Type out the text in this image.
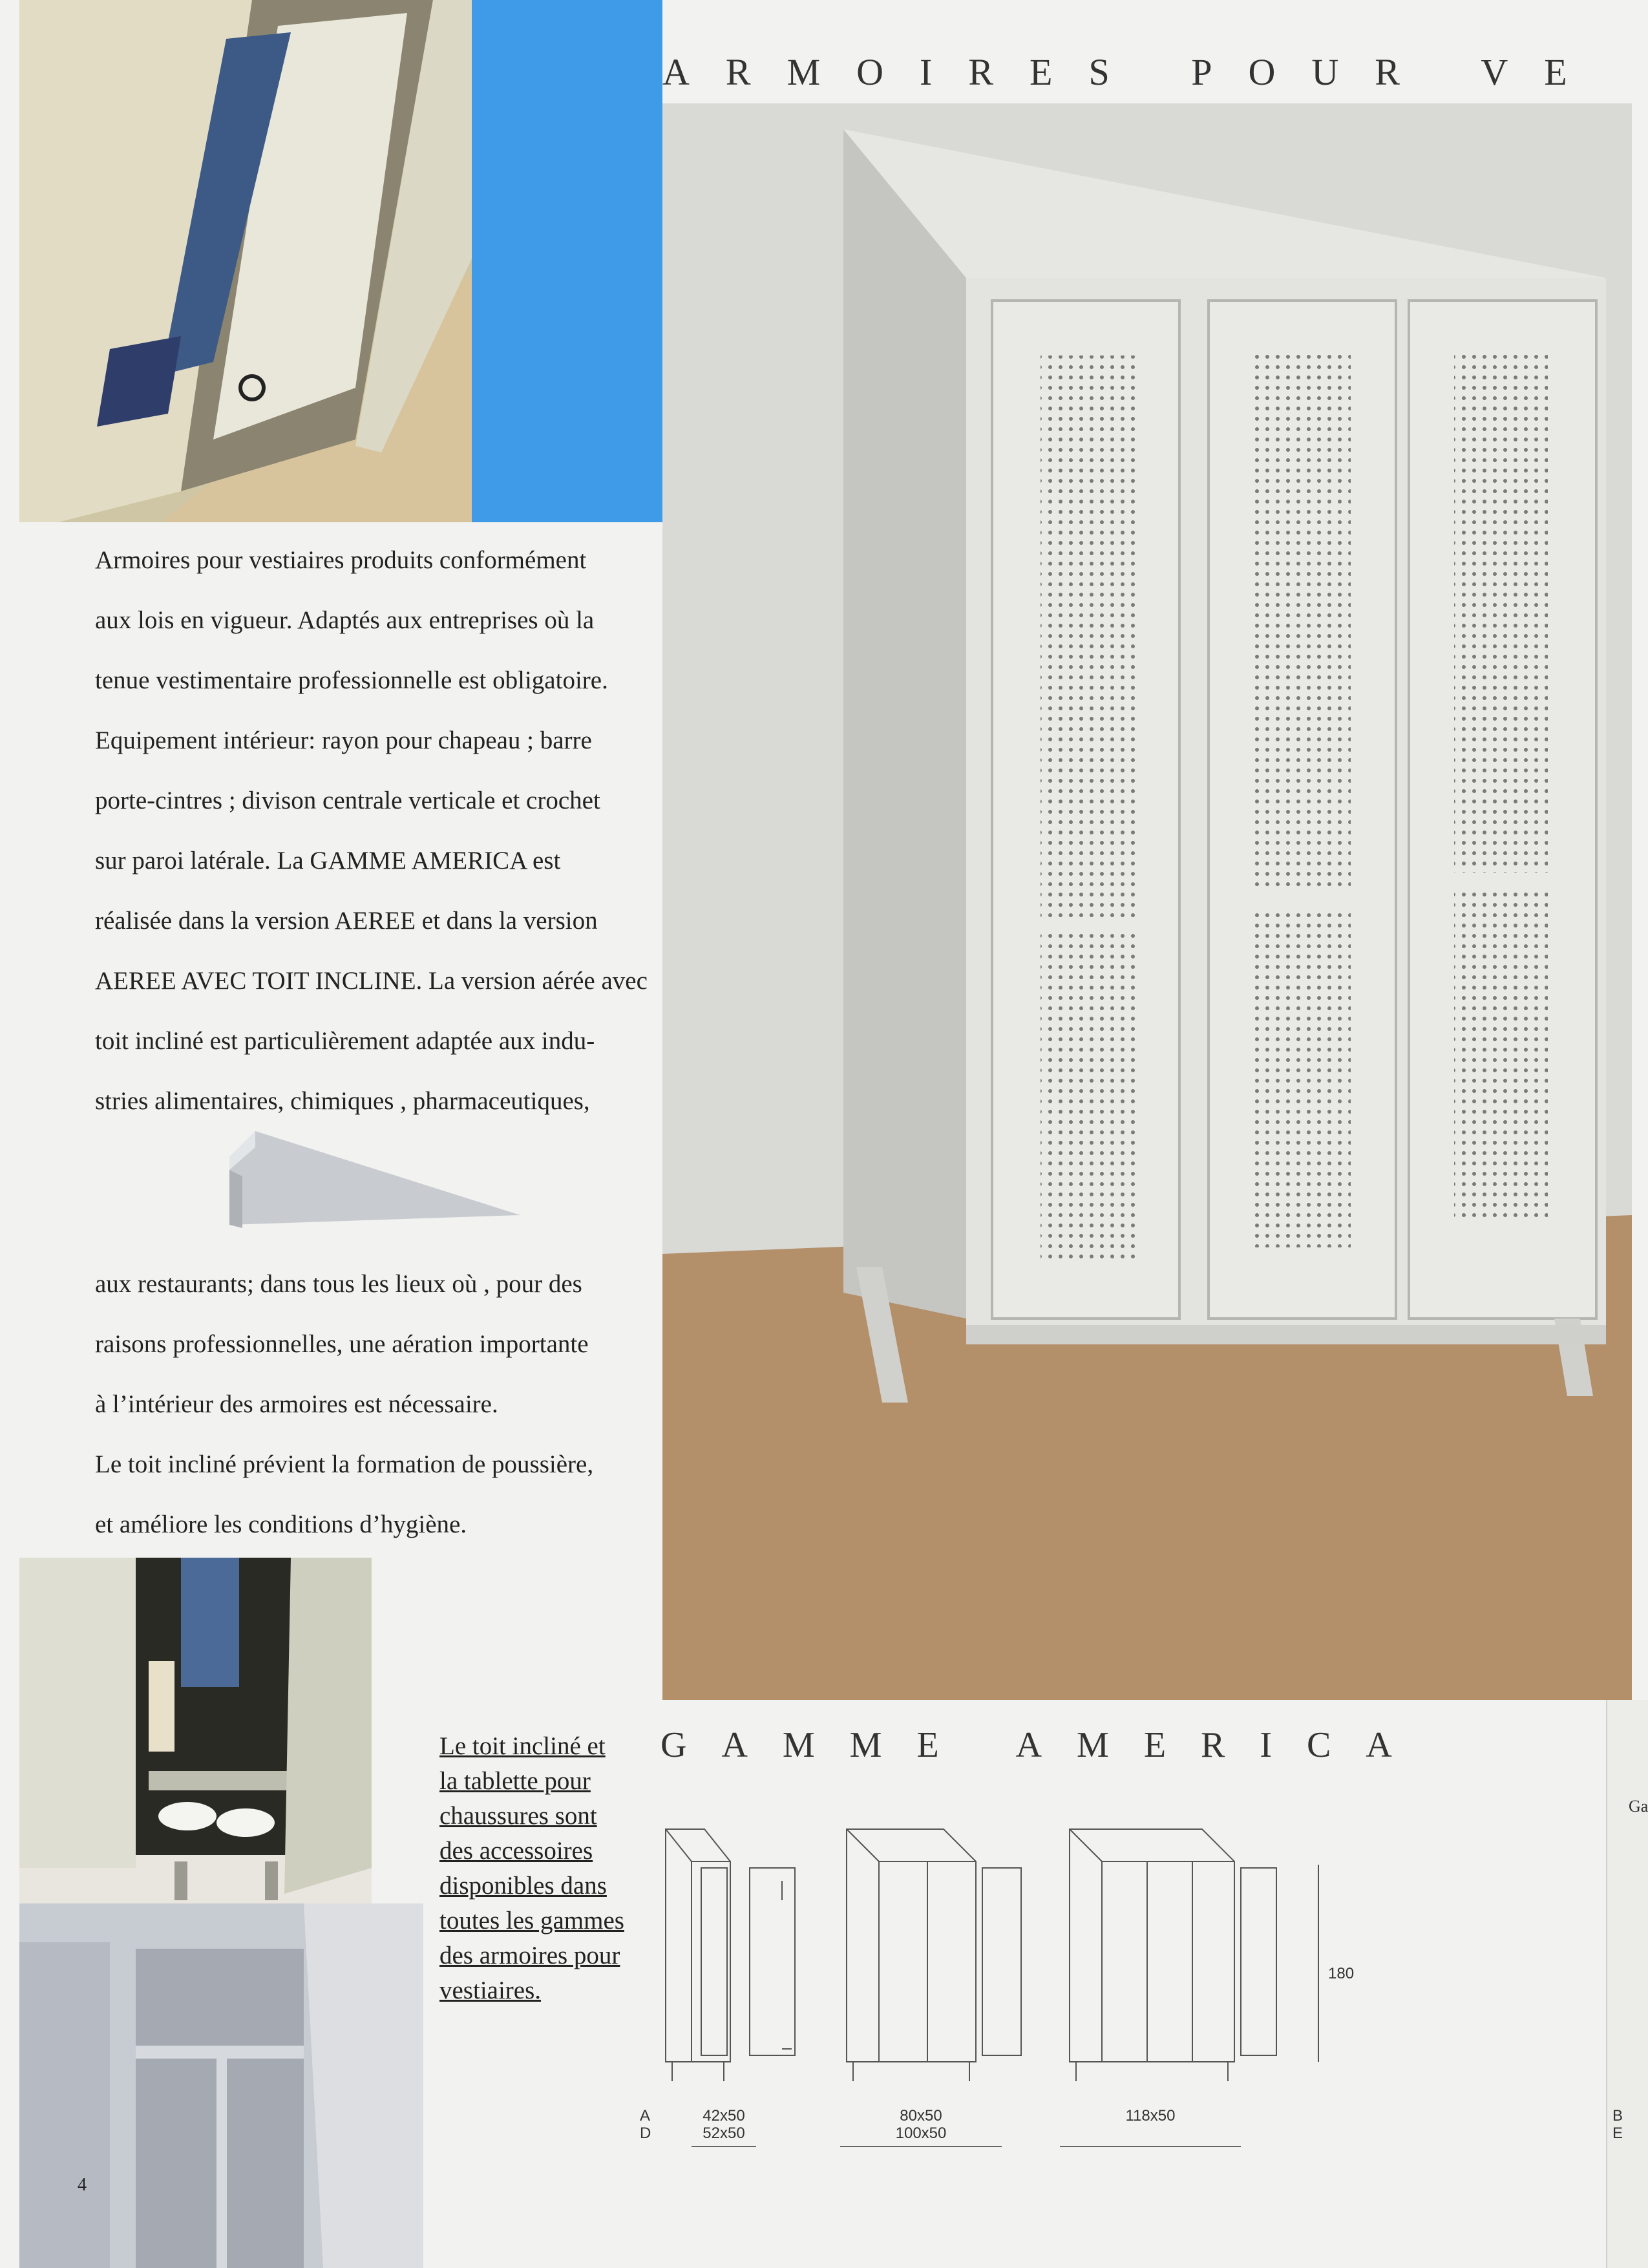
ARMOIRES POUR VE

Armoires pour vestiaires produits conformément

aux lois en vigueur. Adaptés aux entreprises où la

tenue vestimentaire professionnelle est obligatoire.

Equipement intérieur: rayon pour chapeau ; barre

porte-cintres ; divison centrale verticale et crochet

sur paroi latérale. La GAMME AMERICA est

réalisée dans la version AEREE et dans la version

AEREE AVEC TOIT INCLINE. La version aérée avec

toit incliné est particulièrement adaptée aux indu-

stries alimentaires, chimiques , pharmaceutiques,

aux restaurants; dans tous les lieux où , pour des

raisons professionnelles, une aération importante

à l’intérieur des armoires est nécessaire.

Le toit incliné prévient la formation de poussière,

et améliore les conditions d’hygiène.

Le toit incliné et
la tablette pour
chaussures sont
des accessoires
disponibles dans
toutes les gammes
des armoires pour
vestiaires.
GAMME AMERICA
180
A
D
42x50
52x50
80x50
100x50
118x50
Ga
B
E
4
